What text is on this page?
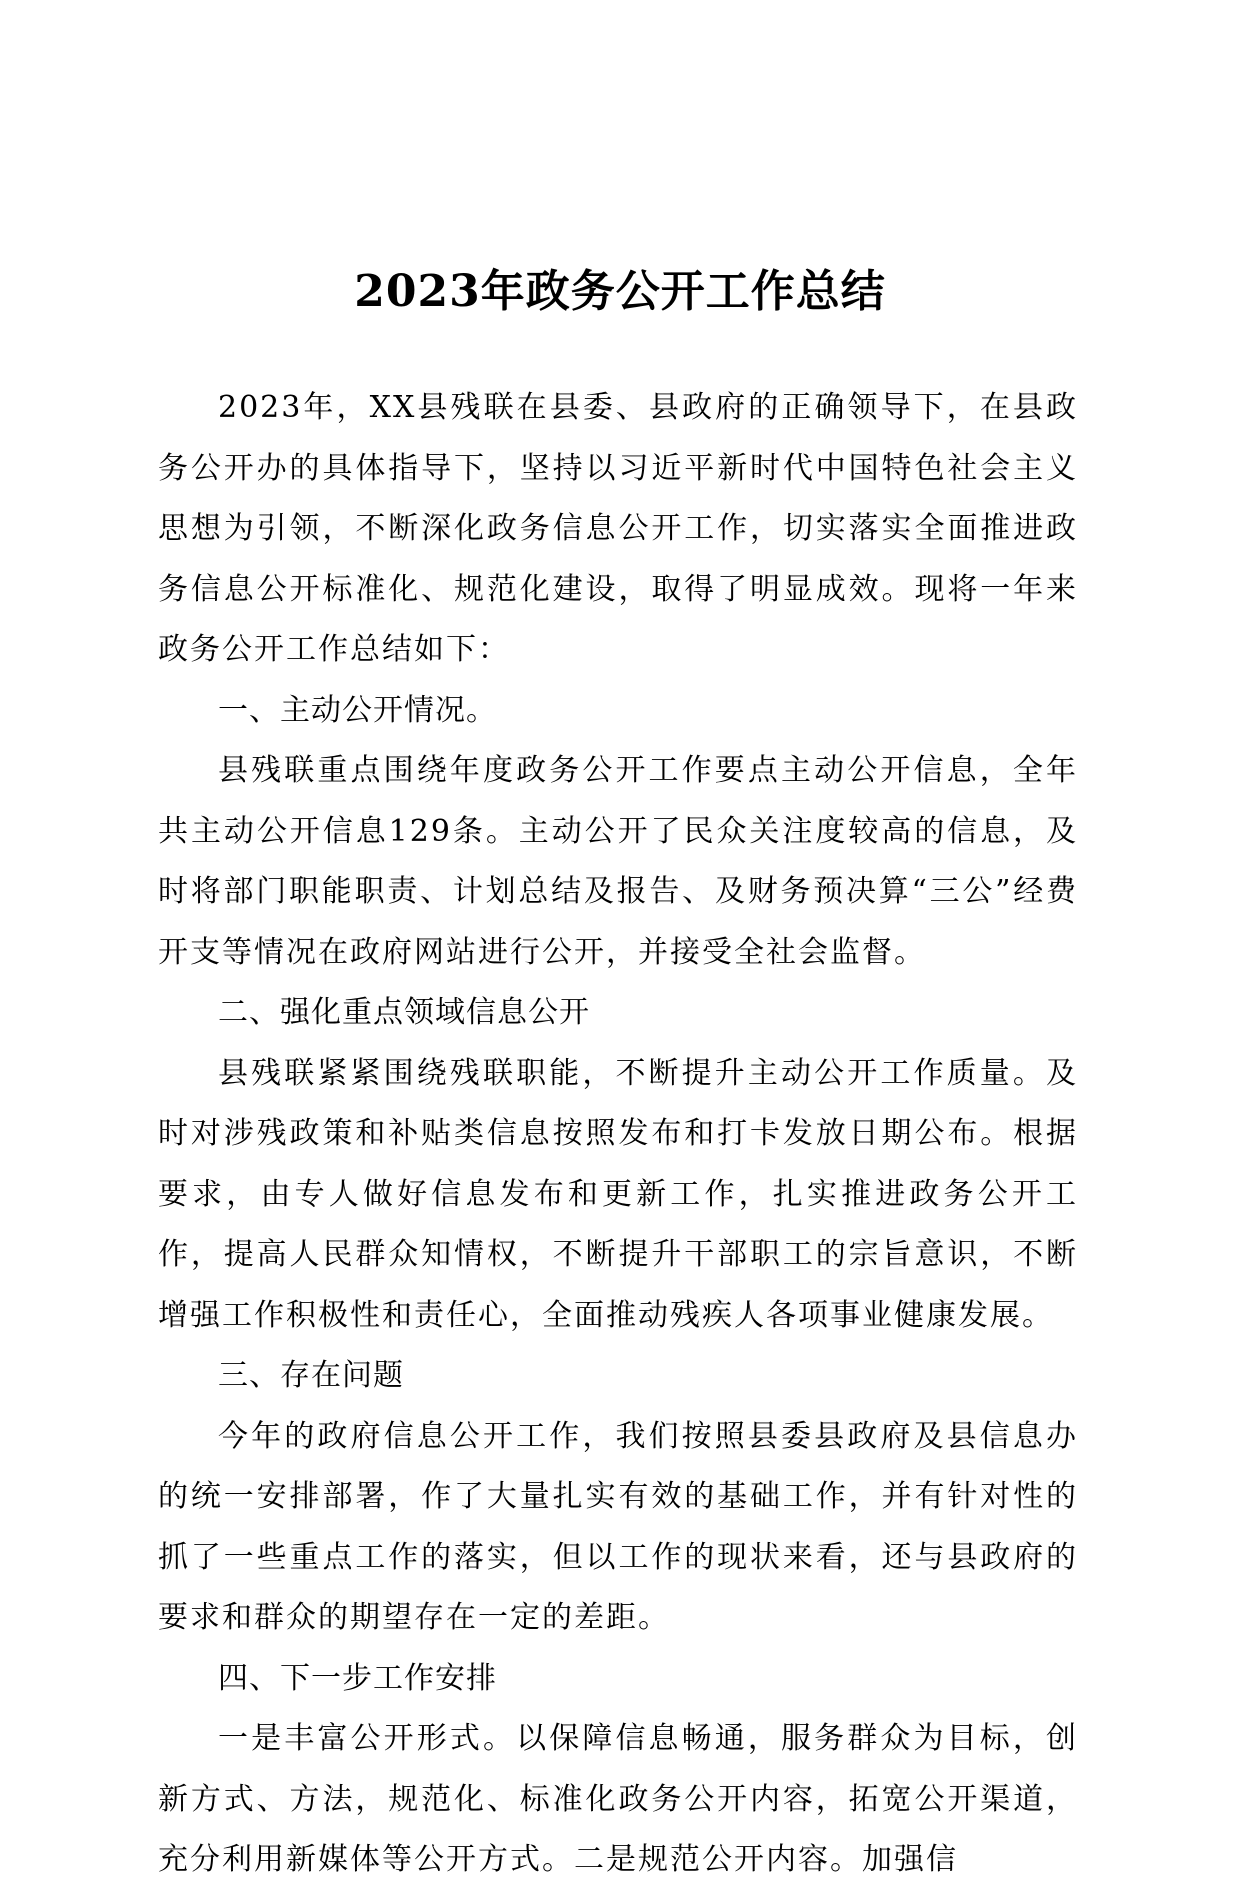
2023年政务公开工作总结

2023年，XX县残联在县委、县政府的正确领导下，在县政务公开办的具体指导下，坚持以习近平新时代中国特色社会主义思想为引领，不断深化政务信息公开工作，切实落实全面推进政务信息公开标准化、规范化建设，取得了明显成效。现将一年来政务公开工作总结如下：

一、主动公开情况。

县残联重点围绕年度政务公开工作要点主动公开信息，全年共主动公开信息129条。主动公开了民众关注度较高的信息，及时将部门职能职责、计划总结及报告、及财务预决算“三公”经费开支等情况在政府网站进行公开，并接受全社会监督。

二、强化重点领域信息公开

县残联紧紧围绕残联职能，不断提升主动公开工作质量。及时对涉残政策和补贴类信息按照发布和打卡发放日期公布。根据要求，由专人做好信息发布和更新工作，扎实推进政务公开工作，提高人民群众知情权，不断提升干部职工的宗旨意识，不断增强工作积极性和责任心，全面推动残疾人各项事业健康发展。

三、存在问题

今年的政府信息公开工作，我们按照县委县政府及县信息办的统一安排部署，作了大量扎实有效的基础工作，并有针对性的抓了一些重点工作的落实，但以工作的现状来看，还与县政府的要求和群众的期望存在一定的差距。

四、下一步工作安排

一是丰富公开形式。以保障信息畅通，服务群众为目标，创新方式、方法，规范化、标准化政务公开内容，拓宽公开渠道，充分利用新媒体等公开方式。二是规范公开内容。加强信
